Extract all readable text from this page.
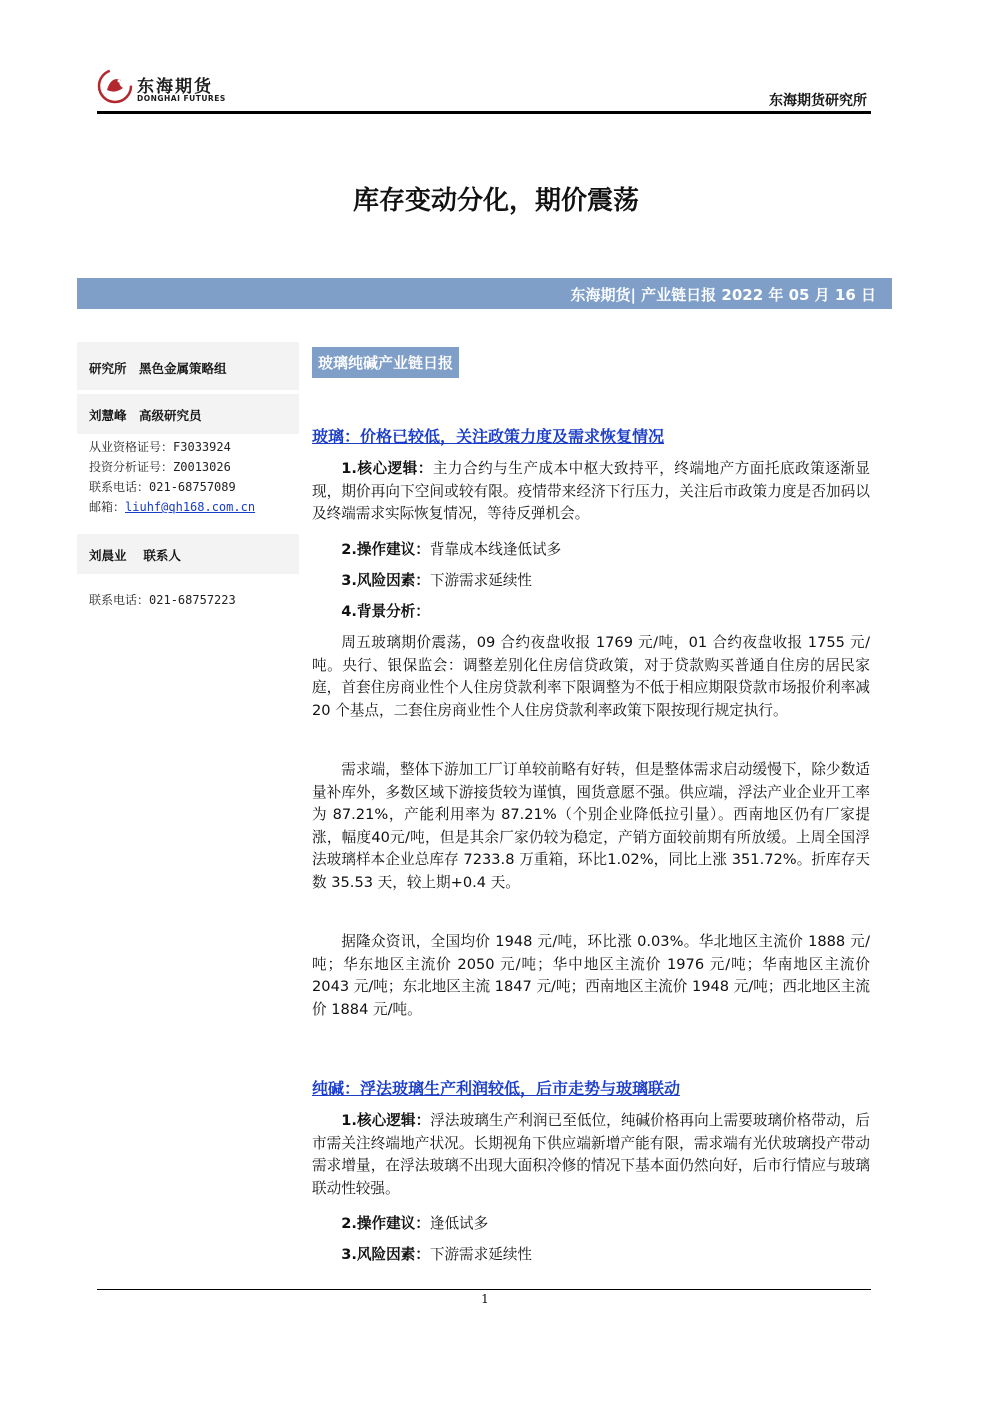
东海期货
DONGHAI FUTURES	东海期货研究所
库存变动分化，期价震荡
东海期货| 产业链日报 2022 年 05 月 16 日
研究所　黑色金属策略组
刘慧峰　高级研究员
从业资格证号：F3033924
投资分析证号：Z0013026
联系电话：021-68757089
邮箱：liuhf@qh168.com.cn
刘晨业　 联系人
联系电话：021-68757223
玻璃纯碱产业链日报
玻璃：价格已较低，关注政策力度及需求恢复情况

1.核心逻辑：主力合约与生产成本中枢大致持平，终端地产方面托底政策逐渐显现，期价再向下空间或较有限。疫情带来经济下行压力，关注后市政策力度是否加码以及终端需求实际恢复情况，等待反弹机会。

2.操作建议：背靠成本线逢低试多

3.风险因素：下游需求延续性

4.背景分析：

周五玻璃期价震荡，09 合约夜盘收报 1769 元/吨，01 合约夜盘收报 1755 元/吨。央行、银保监会：调整差别化住房信贷政策，对于贷款购买普通自住房的居民家庭，首套住房商业性个人住房贷款利率下限调整为不低于相应期限贷款市场报价利率减 20 个基点，二套住房商业性个人住房贷款利率政策下限按现行规定执行。

需求端，整体下游加工厂订单较前略有好转，但是整体需求启动缓慢下，除少数适量补库外，多数区域下游接货较为谨慎，囤货意愿不强。供应端，浮法产业企业开工率为 87.21%，产能利用率为 87.21%（个别企业降低拉引量）。西南地区仍有厂家提涨，幅度40元/吨，但是其余厂家仍较为稳定，产销方面较前期有所放缓。上周全国浮法玻璃样本企业总库存 7233.8 万重箱，环比1.02%，同比上涨 351.72%。折库存天数 35.53 天，较上期+0.4 天。

据隆众资讯，全国均价 1948 元/吨，环比涨 0.03%。华北地区主流价 1888 元/吨；华东地区主流价 2050 元/吨；华中地区主流价 1976 元/吨；华南地区主流价 2043 元/吨；东北地区主流 1847 元/吨；西南地区主流价 1948 元/吨；西北地区主流价 1884 元/吨。

纯碱：浮法玻璃生产利润较低，后市走势与玻璃联动

1.核心逻辑：浮法玻璃生产利润已至低位，纯碱价格再向上需要玻璃价格带动，后市需关注终端地产状况。长期视角下供应端新增产能有限，需求端有光伏玻璃投产带动需求增量，在浮法玻璃不出现大面积冷修的情况下基本面仍然向好，后市行情应与玻璃联动性较强。

2.操作建议：逢低试多

3.风险因素：下游需求延续性

1
